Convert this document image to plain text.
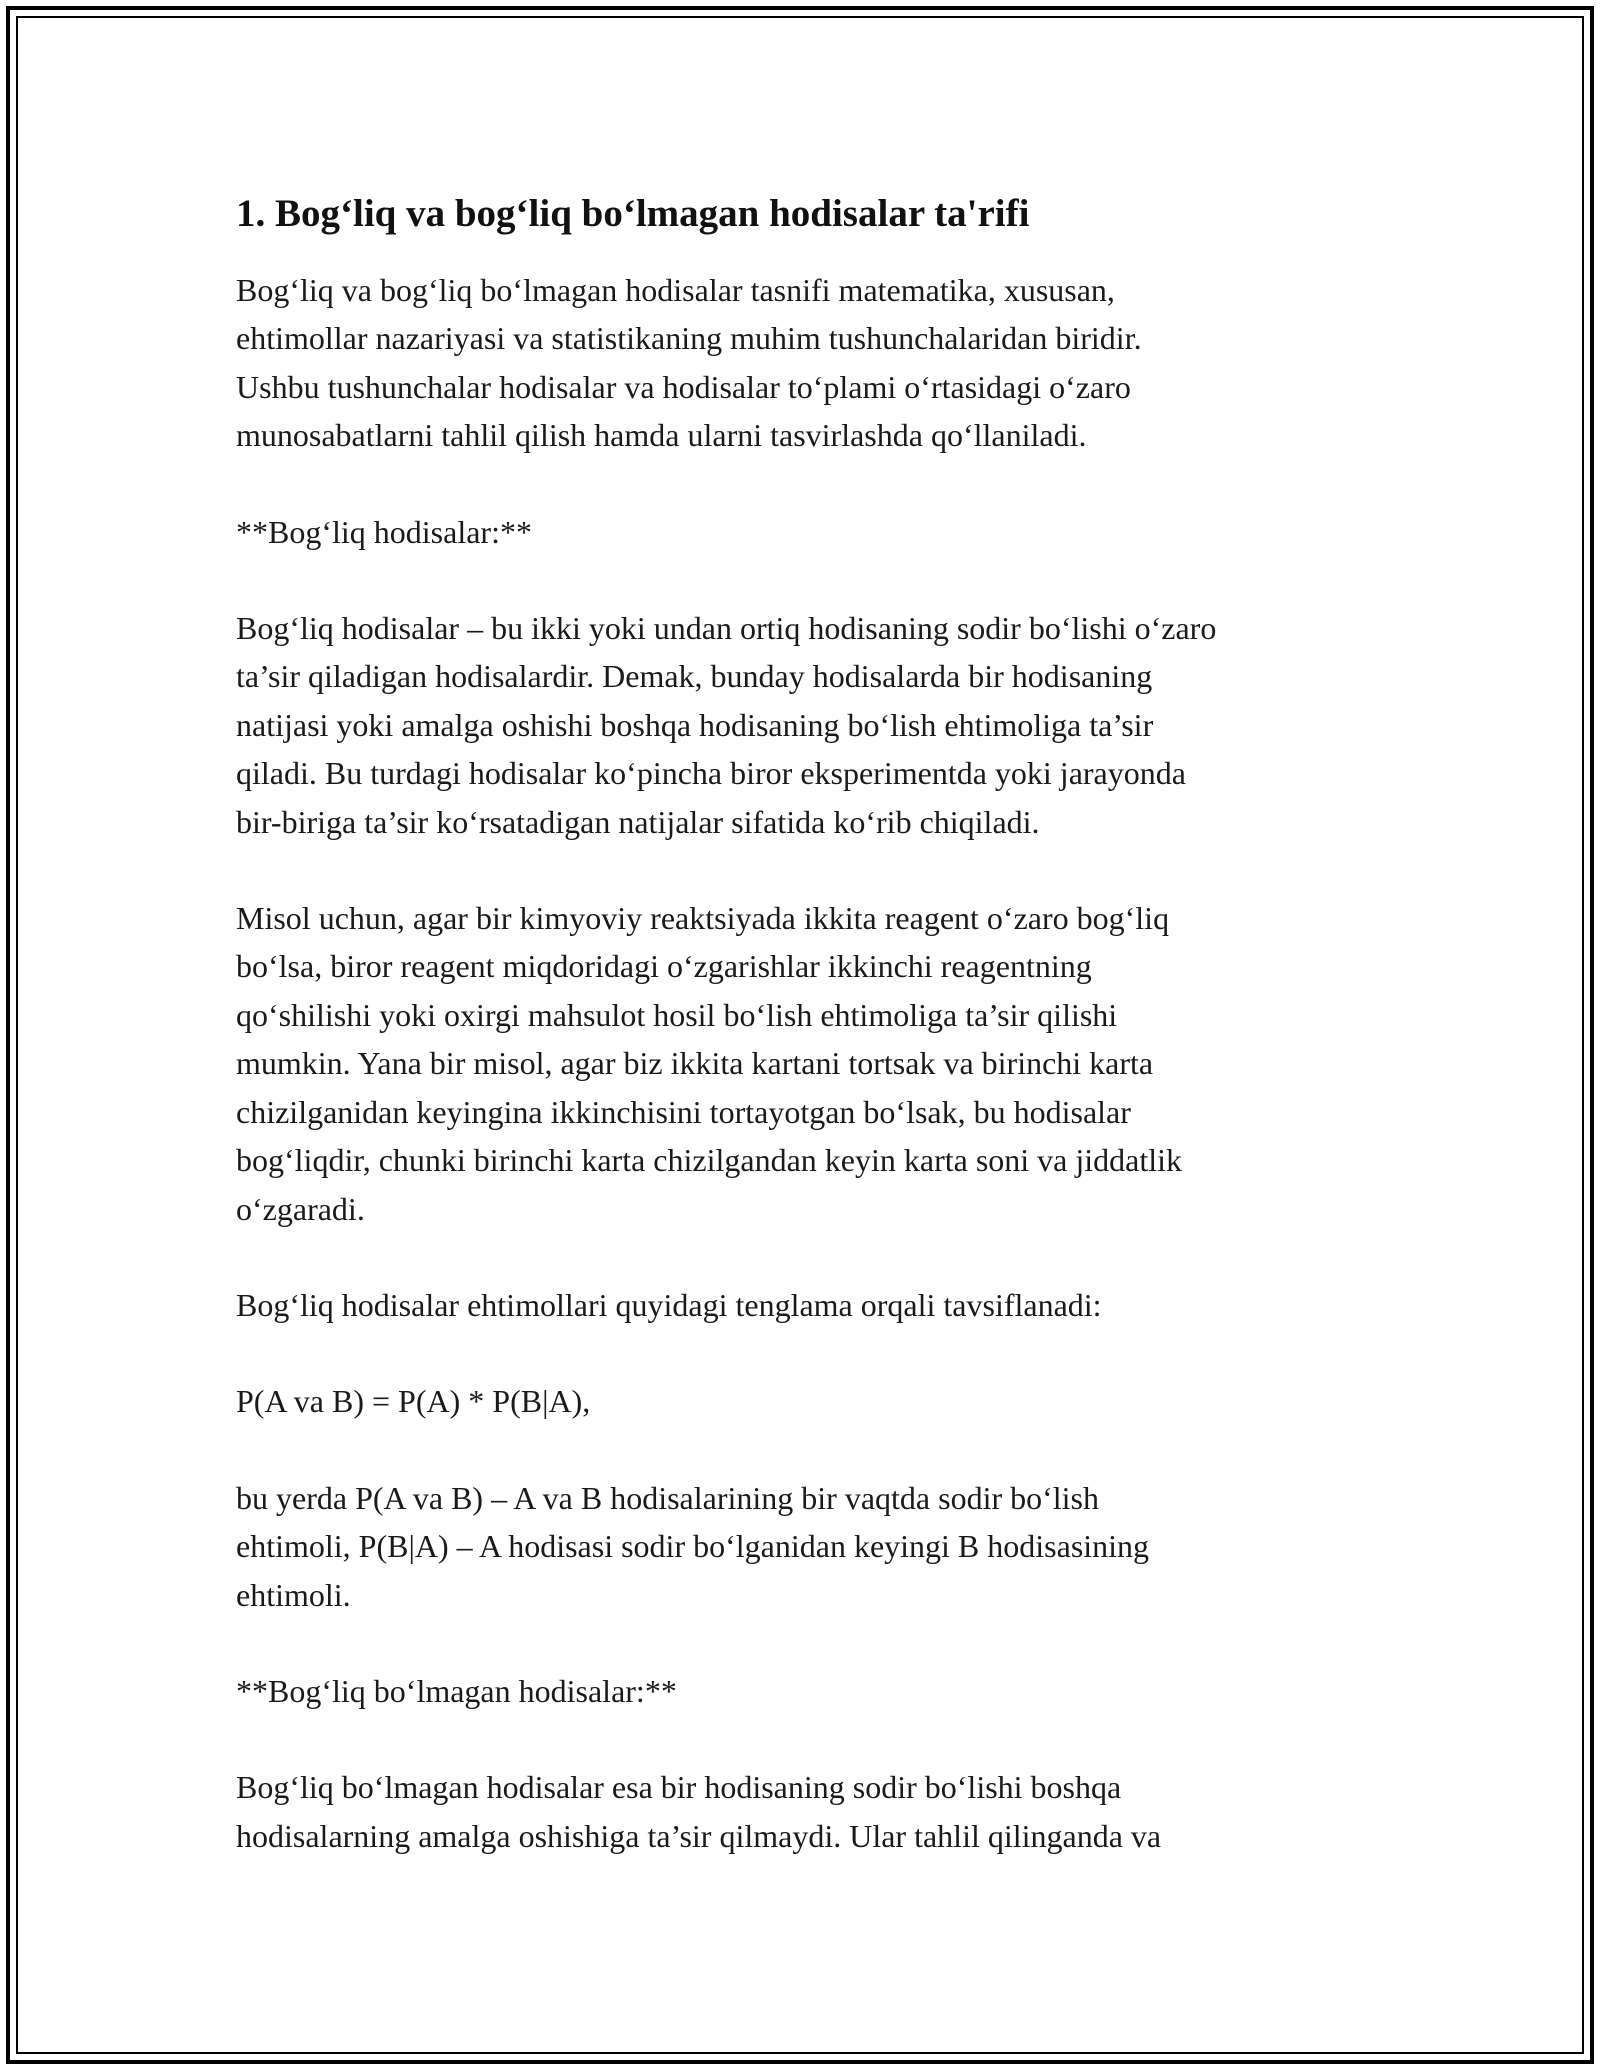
1. Bog‘liq va bog‘liq bo‘lmagan hodisalar ta'rifi

Bog‘liq va bog‘liq bo‘lmagan hodisalar tasnifi matematika, xususan,
ehtimollar nazariyasi va statistikaning muhim tushunchalaridan biridir.
Ushbu tushunchalar hodisalar va hodisalar to‘plami o‘rtasidagi o‘zaro
munosabatlarni tahlil qilish hamda ularni tasvirlashda qo‘llaniladi.

**Bog‘liq hodisalar:**

Bog‘liq hodisalar – bu ikki yoki undan ortiq hodisaning sodir bo‘lishi o‘zaro
ta’sir qiladigan hodisalardir. Demak, bunday hodisalarda bir hodisaning
natijasi yoki amalga oshishi boshqa hodisaning bo‘lish ehtimoliga ta’sir
qiladi. Bu turdagi hodisalar ko‘pincha biror eksperimentda yoki jarayonda
bir-biriga ta’sir ko‘rsatadigan natijalar sifatida ko‘rib chiqiladi.

Misol uchun, agar bir kimyoviy reaktsiyada ikkita reagent o‘zaro bog‘liq
bo‘lsa, biror reagent miqdoridagi o‘zgarishlar ikkinchi reagentning
qo‘shilishi yoki oxirgi mahsulot hosil bo‘lish ehtimoliga ta’sir qilishi
mumkin. Yana bir misol, agar biz ikkita kartani tortsak va birinchi karta
chizilganidan keyingina ikkinchisini tortayotgan bo‘lsak, bu hodisalar
bog‘liqdir, chunki birinchi karta chizilgandan keyin karta soni va jiddatlik
o‘zgaradi.

Bog‘liq hodisalar ehtimollari quyidagi tenglama orqali tavsiflanadi:

P(A va B) = P(A) * P(B|A),

bu yerda P(A va B) – A va B hodisalarining bir vaqtda sodir bo‘lish
ehtimoli, P(B|A) – A hodisasi sodir bo‘lganidan keyingi B hodisasining
ehtimoli.

**Bog‘liq bo‘lmagan hodisalar:**

Bog‘liq bo‘lmagan hodisalar esa bir hodisaning sodir bo‘lishi boshqa
hodisalarning amalga oshishiga ta’sir qilmaydi. Ular tahlil qilinganda va
